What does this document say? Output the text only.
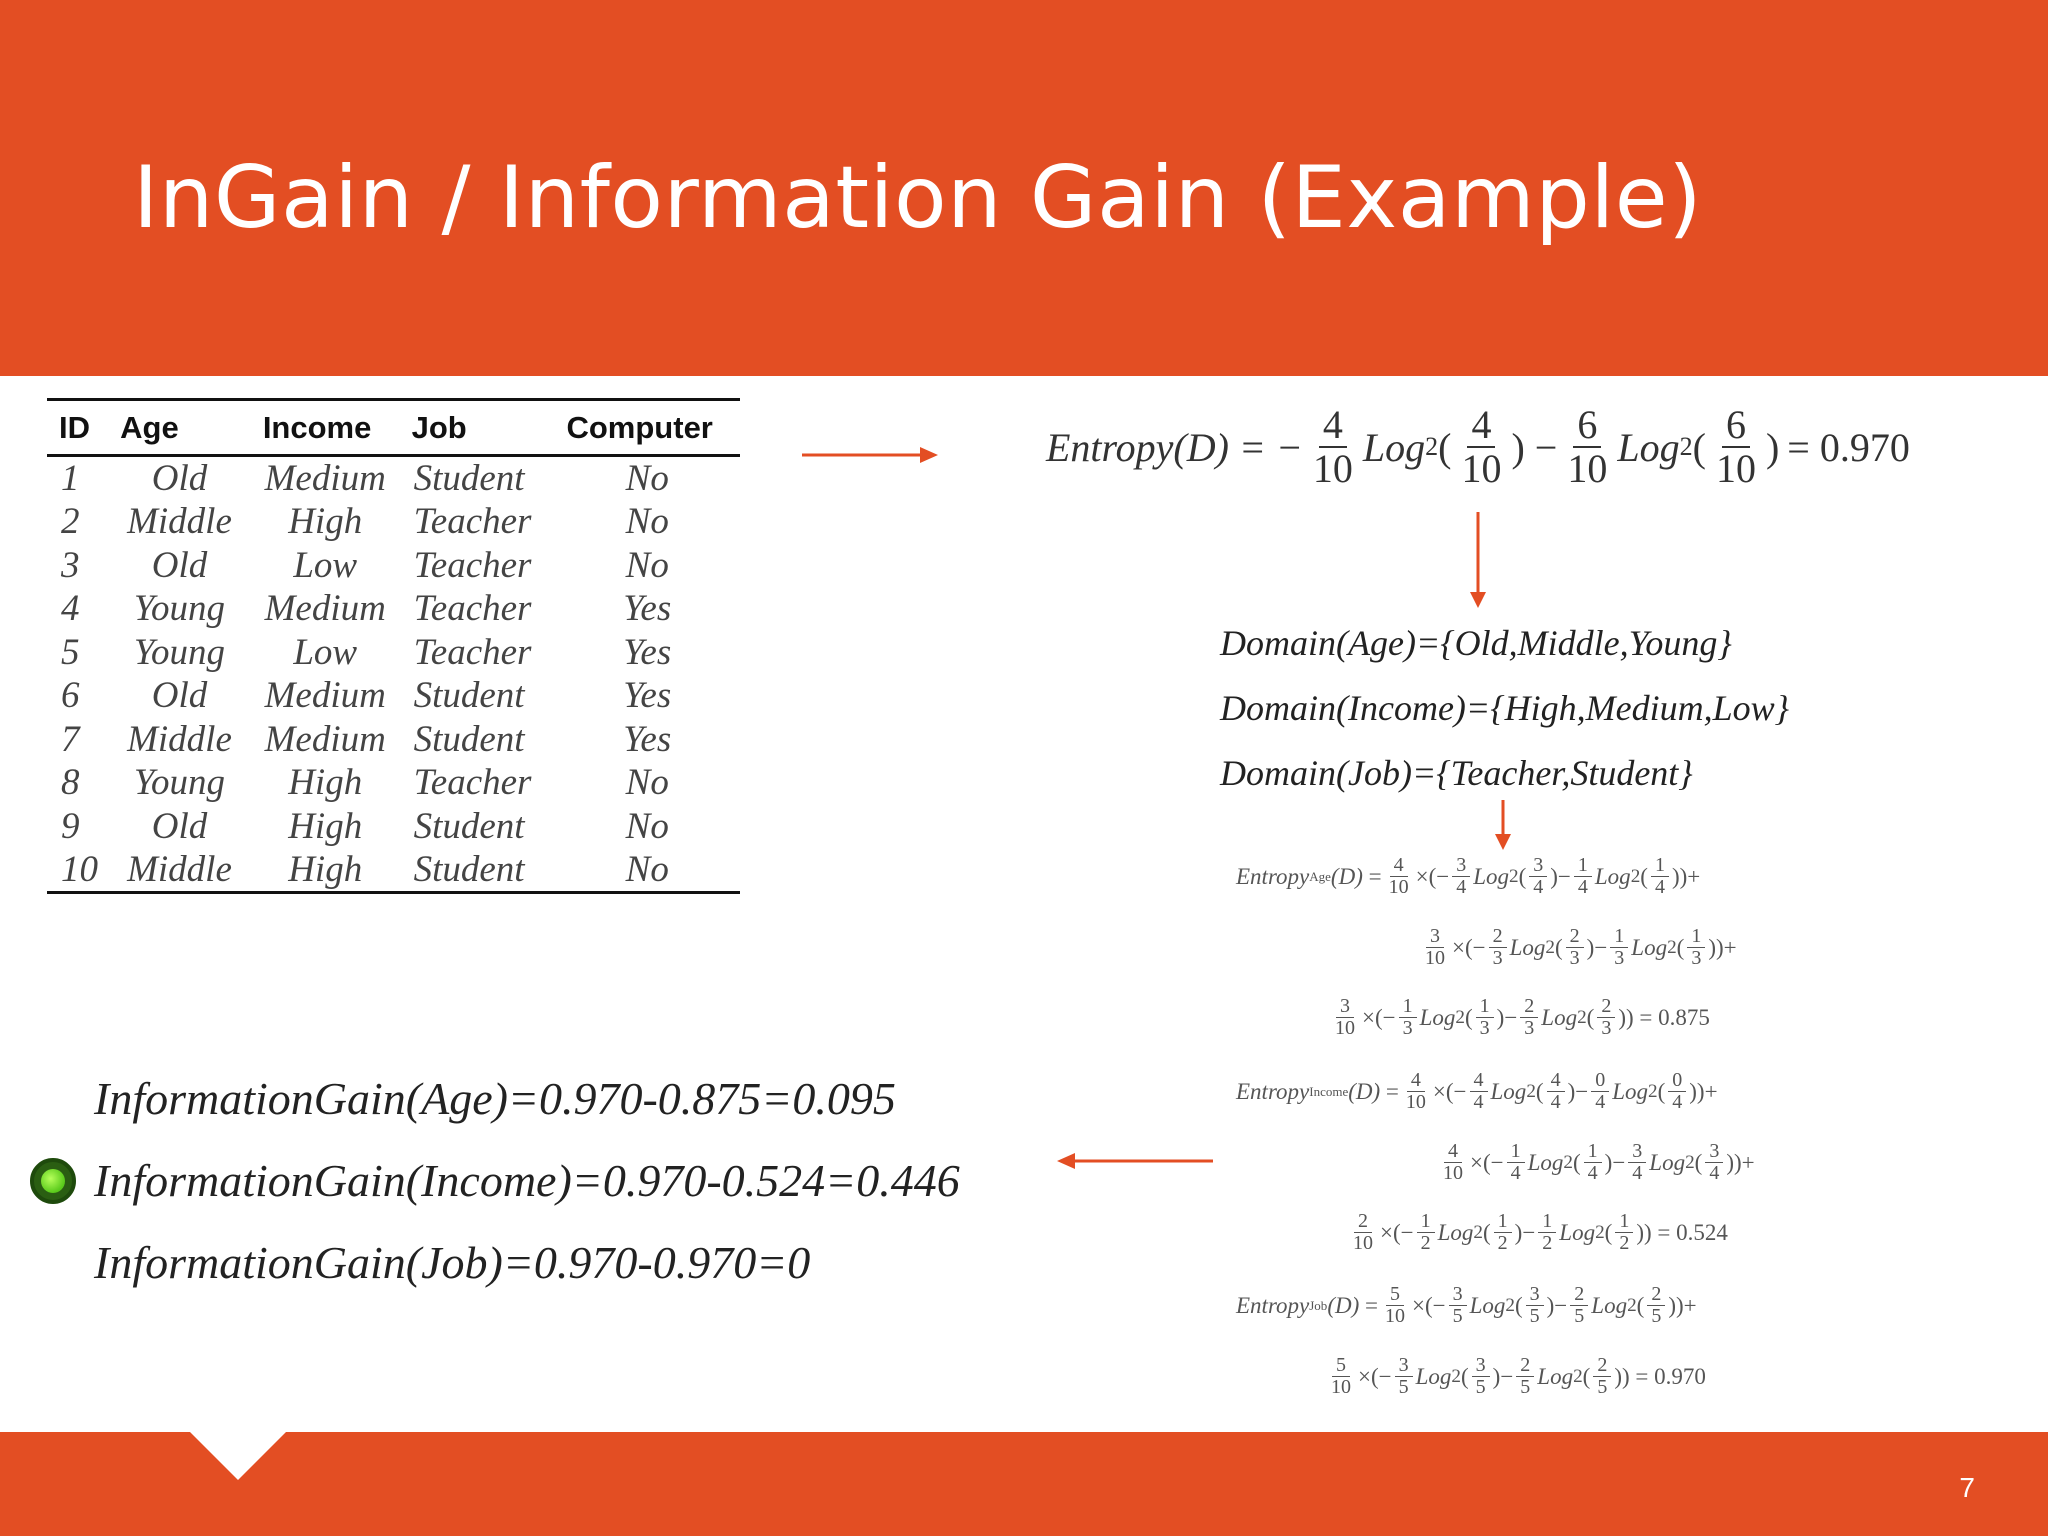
InGain / Information Gain (Example)
ID	Age	Income	Job	Computer
1	Old	Medium	Student	No
2	Middle	High	Teacher	No
3	Old	Low	Teacher	No
4	Young	Medium	Teacher	Yes
5	Young	Low	Teacher	Yes
6	Old	Medium	Student	Yes
7	Middle	Medium	Student	Yes
8	Young	High	Teacher	No
9	Old	High	Student	No
10	Middle	High	Student	No
Entropy(D) = − $\frac{4}{10}$ Log 2 ( $\frac{4}{10}$ ) − $\frac{6}{10}$ Log 2 ( $\frac{6}{10}$ ) = 0.970
Domain(Age)={Old,Middle,Young}
Domain(Income)={High,Medium,Low}
Domain(Job)={Teacher,Student}
Entropy Age $(D) = \frac{4}{10}$ ×(− $\frac{3}{4}$ Log 2 ( $\frac{3}{4}$ )− $\frac{1}{4}$ Log 2 ( $\frac{1}{4}$ ))+
$\frac{3}{10}$ ×(− $\frac{2}{3}$ Log 2 ( $\frac{2}{3}$ )− $\frac{1}{3}$ Log 2 ( $\frac{1}{3}$ ))+
$\frac{3}{10}$ ×(− $\frac{1}{3}$ Log 2 ( $\frac{1}{3}$ )− $\frac{2}{3}$ Log 2 ( $\frac{2}{3}$ )) = 0.875
Entropy Income $(D) = \frac{4}{10}$ ×(− $\frac{4}{4}$ Log 2 ( $\frac{4}{4}$ )− $\frac{0}{4}$ Log 2 ( $\frac{0}{4}$ ))+
$\frac{4}{10}$ ×(− $\frac{1}{4}$ Log 2 ( $\frac{1}{4}$ )− $\frac{3}{4}$ Log 2 ( $\frac{3}{4}$ ))+
$\frac{2}{10}$ ×(− $\frac{1}{2}$ Log 2 ( $\frac{1}{2}$ )− $\frac{1}{2}$ Log 2 ( $\frac{1}{2}$ )) = 0.524
Entropy Job $(D) = \frac{5}{10}$ ×(− $\frac{3}{5}$ Log 2 ( $\frac{3}{5}$ )− $\frac{2}{5}$ Log 2 ( $\frac{2}{5}$ ))+
$\frac{5}{10}$ ×(− $\frac{3}{5}$ Log 2 ( $\frac{3}{5}$ )− $\frac{2}{5}$ Log 2 ( $\frac{2}{5}$ )) = 0.970
InformationGain(Age)=0.970-0.875=0.095
InformationGain(Income)=0.970-0.524=0.446
InformationGain(Job)=0.970-0.970=0
7
